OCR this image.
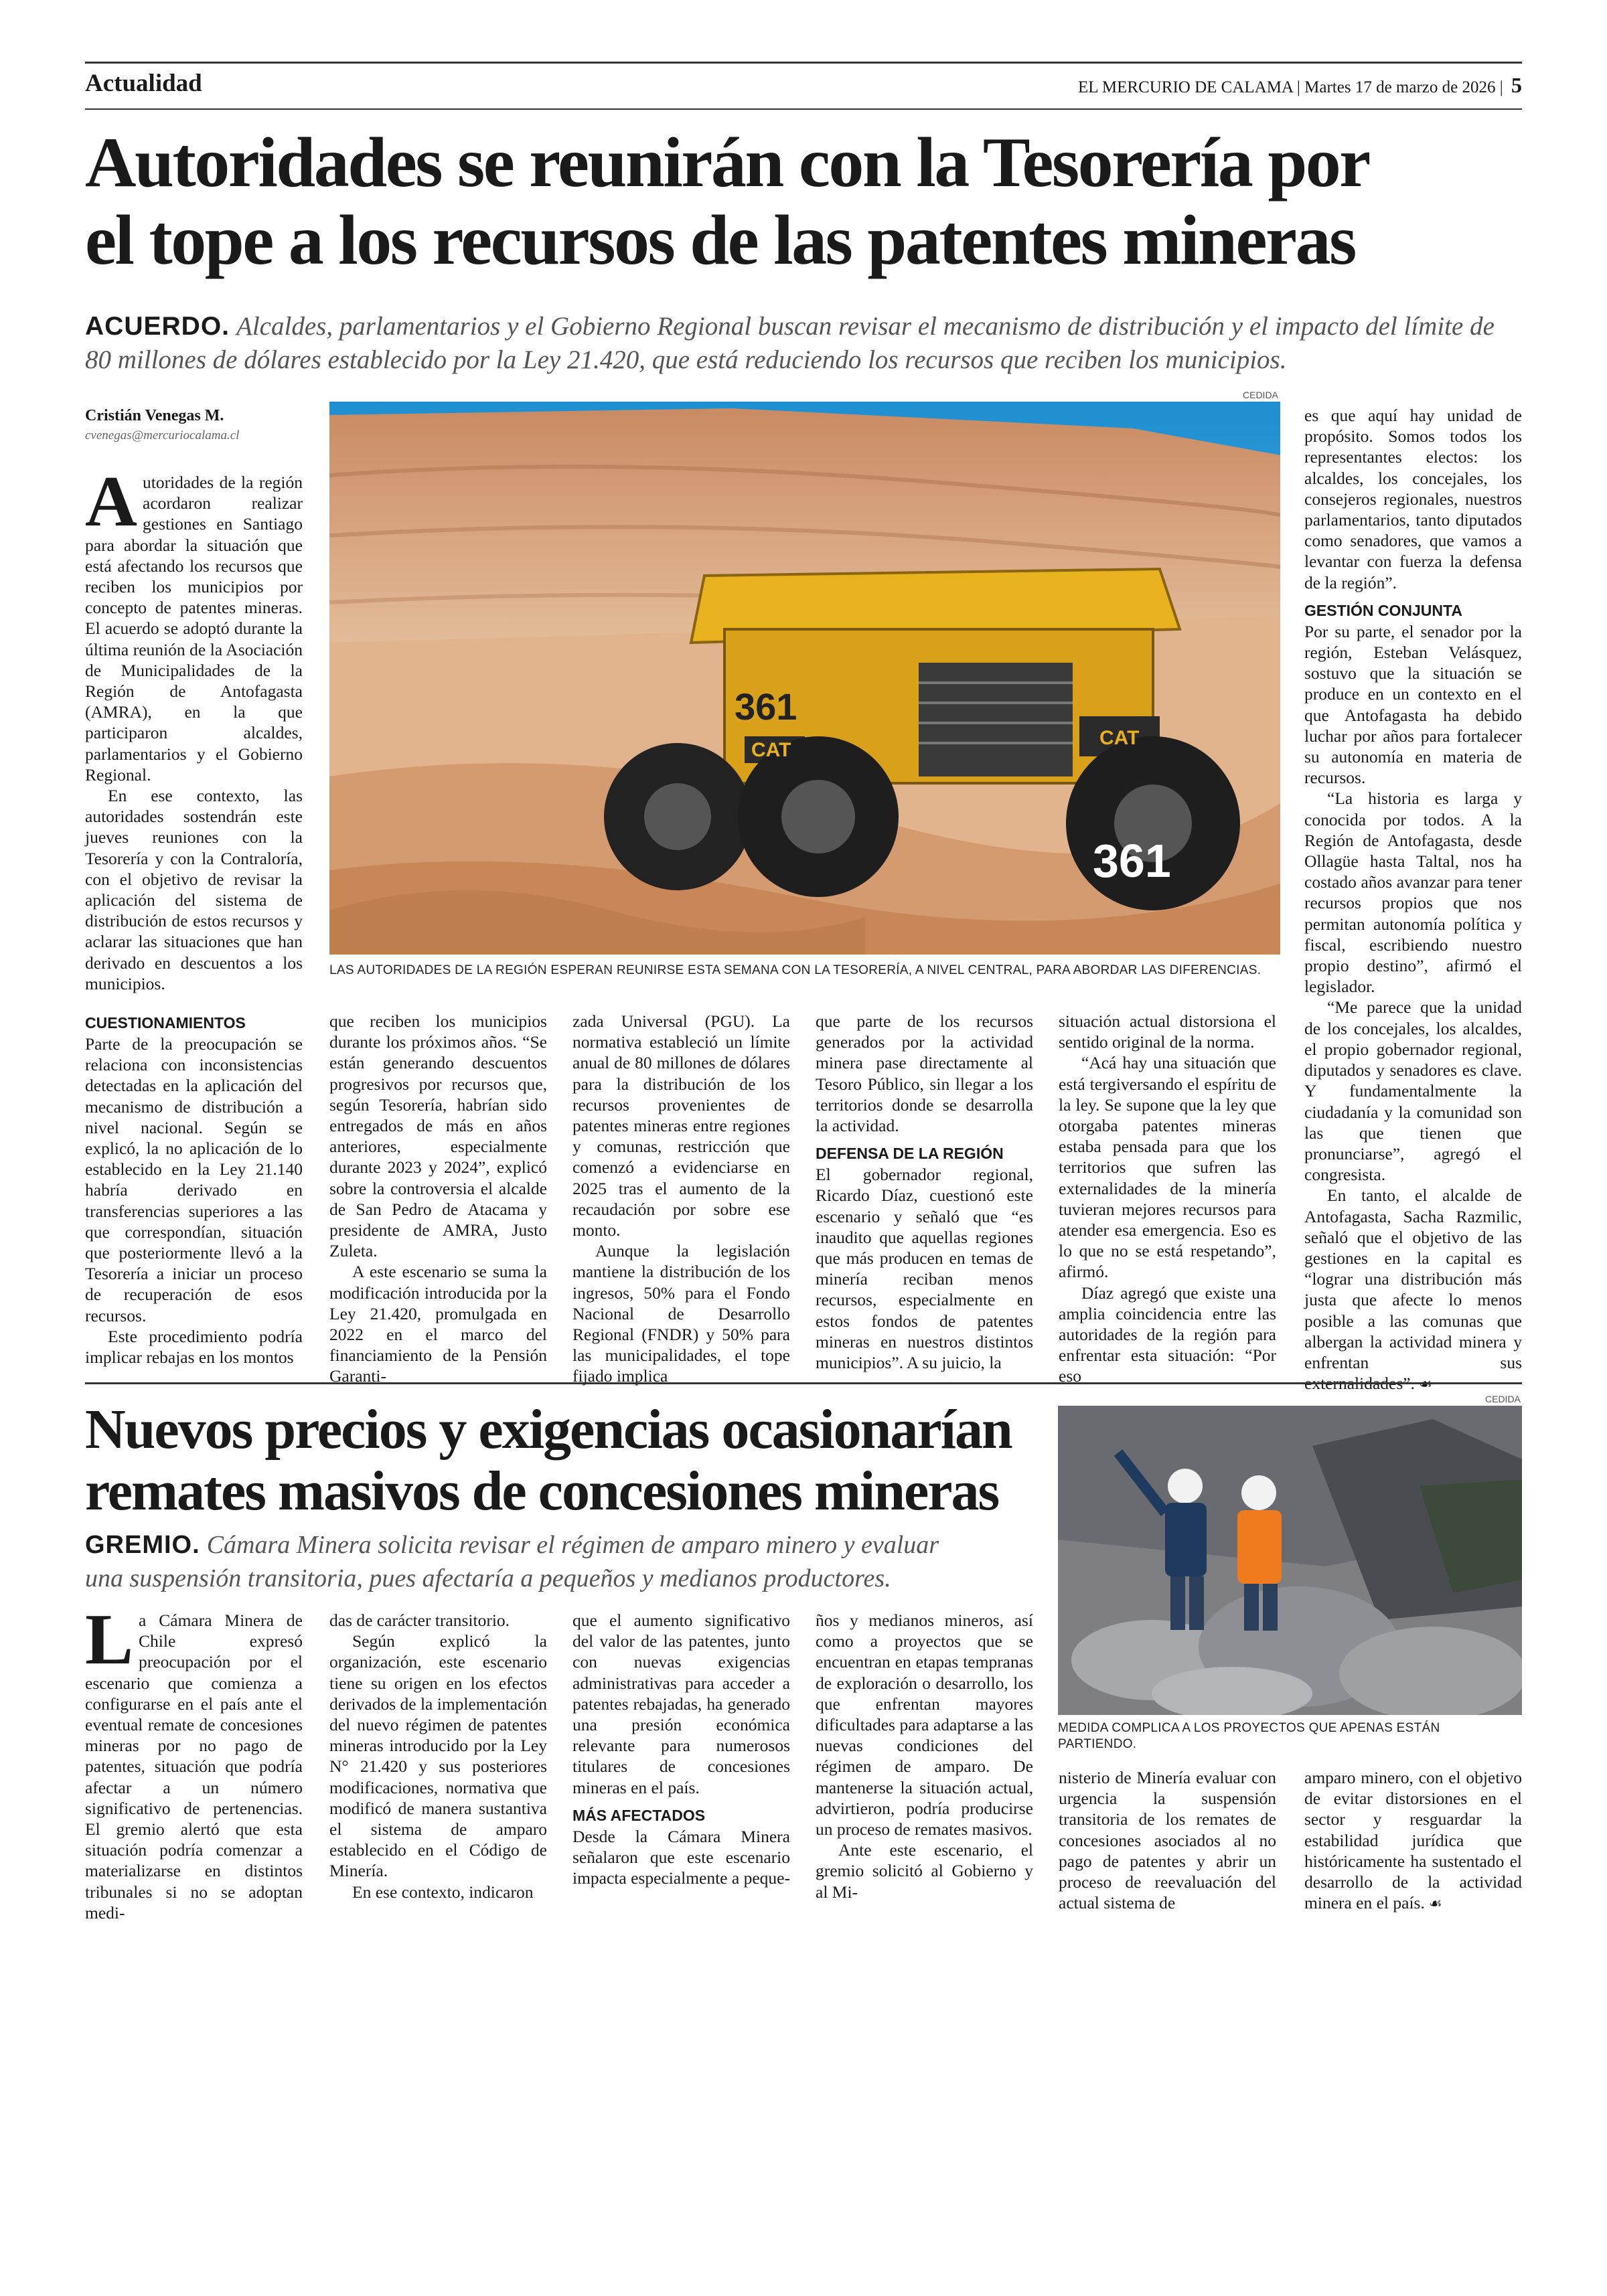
Actualidad	EL MERCURIO DE CALAMA | Martes 17 de marzo de 2026 | 5
Autoridades se reunirán con la Tesorería por
el tope a los recursos de las patentes mineras
ACUERDO. Alcaldes, parlamentarios y el Gobierno Regional buscan revisar el mecanismo de distribución y el impacto del límite de 80 millones de dólares establecido por la Ley 21.420, que está reduciendo los recursos que reciben los municipios.
Cristián Venegas M.
cvenegas@mercuriocalama.cl
CEDIDA
361
361
CAT
CAT
LAS AUTORIDADES DE LA REGIÓN ESPERAN REUNIRSE ESTA SEMANA CON LA TESORERÍA, A NIVEL CENTRAL, PARA ABORDAR LAS DIFERENCIAS.

Autoridades de la región acordaron realizar gestiones en Santiago para abordar la situación que está afectando los recursos que reciben los municipios por concepto de patentes mineras. El acuerdo se adoptó durante la última reunión de la Asociación de Municipalidades de la Región de Antofagasta (AMRA), en la que participaron alcaldes, parlamentarios y el Gobierno Regional.

En ese contexto, las autoridades sostendrán este jueves reuniones con la Tesorería y con la Contraloría, con el objetivo de revisar la aplicación del sistema de distribución de estos recursos y aclarar las situaciones que han derivado en descuentos a los municipios.

CUESTIONAMIENTOS

Parte de la preocupación se relaciona con inconsistencias detectadas en la aplicación del mecanismo de distribución a nivel nacional. Según se explicó, la no aplicación de lo establecido en la Ley 21.140 habría derivado en transferencias superiores a las que correspondían, situación que posteriormente llevó a la Tesorería a iniciar un proceso de recuperación de esos recursos.

Este procedimiento podría implicar rebajas en los montos

que reciben los municipios durante los próximos años. “Se están generando descuentos progresivos por recursos que, según Tesorería, habrían sido entregados de más en años anteriores, especialmente durante 2023 y 2024”, explicó sobre la controversia el alcalde de San Pedro de Atacama y presidente de AMRA, Justo Zuleta.

A este escenario se suma la modificación introducida por la Ley 21.420, promulgada en 2022 en el marco del financiamiento de la Pensión Garanti-

zada Universal (PGU). La normativa estableció un límite anual de 80 millones de dólares para la distribución de los recursos provenientes de patentes mineras entre regiones y comunas, restricción que comenzó a evidenciarse en 2025 tras el aumento de la recaudación por sobre ese monto.

Aunque la legislación mantiene la distribución de los ingresos, 50% para el Fondo Nacional de Desarrollo Regional (FNDR) y 50% para las municipalidades, el tope fijado implica

que parte de los recursos generados por la actividad minera pase directamente al Tesoro Público, sin llegar a los territorios donde se desarrolla la actividad.

DEFENSA DE LA REGIÓN

El gobernador regional, Ricardo Díaz, cuestionó este escenario y señaló que “es inaudito que aquellas regiones que más producen en temas de minería reciban menos recursos, especialmente en estos fondos de patentes mineras en nuestros distintos municipios”. A su juicio, la

situación actual distorsiona el sentido original de la norma.

“Acá hay una situación que está tergiversando el espíritu de la ley. Se supone que la ley que otorgaba patentes mineras estaba pensada para que los territorios que sufren las externalidades de la minería tuvieran mejores recursos para atender esa emergencia. Eso es lo que no se está respetando”, afirmó.

Díaz agregó que existe una amplia coincidencia entre las autoridades de la región para enfrentar esta situación: “Por eso

es que aquí hay unidad de propósito. Somos todos los representantes electos: los alcaldes, los concejales, los consejeros regionales, nuestros parlamentarios, tanto diputados como senadores, que vamos a levantar con fuerza la defensa de la región”.

GESTIÓN CONJUNTA

Por su parte, el senador por la región, Esteban Velásquez, sostuvo que la situación se produce en un contexto en el que Antofagasta ha debido luchar por años para fortalecer su autonomía en materia de recursos.

“La historia es larga y conocida por todos. A la Región de Antofagasta, desde Ollagüe hasta Taltal, nos ha costado años avanzar para tener recursos propios que nos permitan autonomía política y fiscal, escribiendo nuestro propio destino”, afirmó el legislador.

“Me parece que la unidad de los concejales, los alcaldes, el propio gobernador regional, diputados y senadores es clave. Y fundamentalmente la ciudadanía y la comunidad son las que tienen que pronunciarse”, agregó el congresista.

En tanto, el alcalde de Antofagasta, Sacha Razmilic, señaló que el objetivo de las gestiones en la capital es “lograr una distribución más justa que afecte lo menos posible a las comunas que albergan la actividad minera y enfrentan sus externalidades”. ☙

Nuevos precios y exigencias ocasionarían
remates masivos de concesiones mineras
GREMIO. Cámara Minera solicita revisar el régimen de amparo minero y evaluar
una suspensión transitoria, pues afectaría a pequeños y medianos productores.
CEDIDA
MEDIDA COMPLICA A LOS PROYECTOS QUE APENAS ESTÁN PARTIENDO.

La Cámara Minera de Chile expresó preocupación por el escenario que comienza a configurarse en el país ante el eventual remate de concesiones mineras por no pago de patentes, situación que podría afectar a un número significativo de pertenencias. El gremio alertó que esta situación podría comenzar a materializarse en distintos tribunales si no se adoptan medi-

das de carácter transitorio.

Según explicó la organización, este escenario tiene su origen en los efectos derivados de la implementación del nuevo régimen de patentes mineras introducido por la Ley N° 21.420 y sus posteriores modificaciones, normativa que modificó de manera sustantiva el sistema de amparo establecido en el Código de Minería.

En ese contexto, indicaron

que el aumento significativo del valor de las patentes, junto con nuevas exigencias administrativas para acceder a patentes rebajadas, ha generado una presión económica relevante para numerosos titulares de concesiones mineras en el país.

MÁS AFECTADOS

Desde la Cámara Minera señalaron que este escenario impacta especialmente a peque-

ños y medianos mineros, así como a proyectos que se encuentran en etapas tempranas de exploración o desarrollo, los que enfrentan mayores dificultades para adaptarse a las nuevas condiciones del régimen de amparo. De mantenerse la situación actual, advirtieron, podría producirse un proceso de remates masivos.

Ante este escenario, el gremio solicitó al Gobierno y al Mi-

nisterio de Minería evaluar con urgencia la suspensión transitoria de los remates de concesiones asociados al no pago de patentes y abrir un proceso de reevaluación del actual sistema de

amparo minero, con el objetivo de evitar distorsiones en el sector y resguardar la estabilidad jurídica que históricamente ha sustentado el desarrollo de la actividad minera en el país. ☙
